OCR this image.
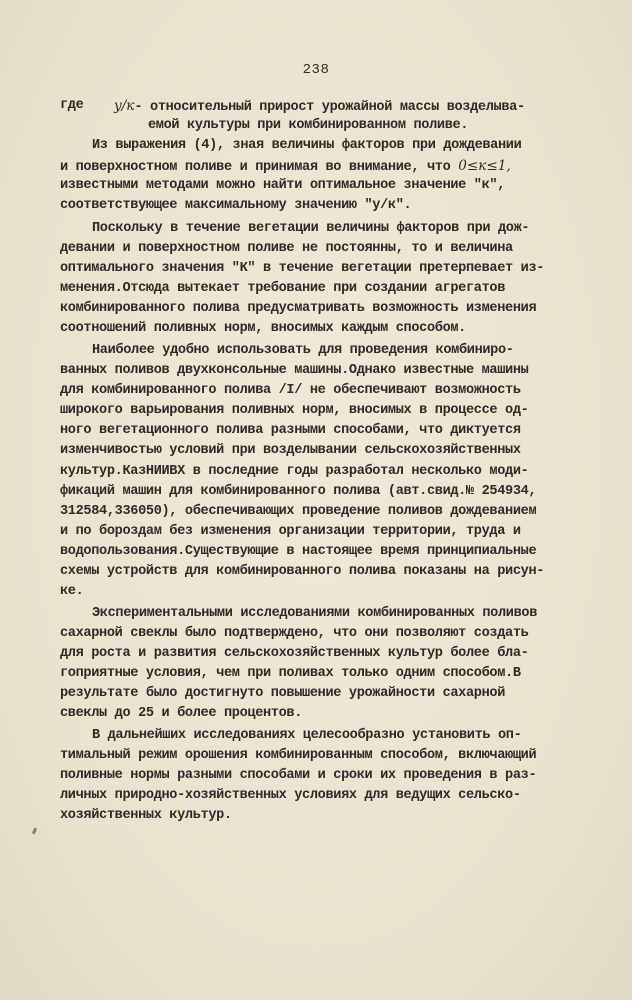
238
где y/к- относительный прирост урожайной массы возделыва-
емой культуры при комбинированном поливе.
Из выражения (4), зная величины факторов при дождевании
и поверхностном поливе и принимая во внимание, что 0≤к≤1,
известными методами можно найти оптимальное значение "к",
соответствующее максимальному значению "y/к".
Поскольку в течение вегетации величины факторов при дож-
девании и поверхностном поливе не постоянны, то и величина
оптимального значения "К" в течение вегетации претерпевает из-
менения.Отсюда вытекает требование при создании агрегатов
комбинированного полива предусматривать возможность изменения
соотношений поливных норм, вносимых каждым способом.
Наиболее удобно использовать для проведения комбиниро-
ванных поливов двухконсольные машины.Однако известные машины
для комбинированного полива /I/ не обеспечивают возможность
широкого варьирования поливных норм, вносимых в процессе од-
ного вегетационного полива разными способами, что диктуется
изменчивостью условий при возделывании сельскохозяйственных
культур.КазНИИВХ в последние годы разработал несколько моди-
фикаций машин для комбинированного полива (авт.свид.№ 254934,
312584,336050), обеспечивающих проведение поливов дождеванием
и по бороздам без изменения организации территории, труда и
водопользования.Существующие в настоящее время принципиальные
схемы устройств для комбинированного полива показаны на рисун-
ке.
Экспериментальными исследованиями комбинированных поливов
сахарной свеклы было подтверждено, что они позволяют создать
для роста и развития сельскохозяйственных культур более бла-
гоприятные условия, чем при поливах только одним способом.В
результате было достигнуто повышение урожайности сахарной
свеклы до 25 и более процентов.
В дальнейших исследованиях целесообразно установить оп-
тимальный режим орошения комбинированным способом, включающий
поливные нормы разными способами и сроки их проведения в раз-
личных природно-хозяйственных условиях для ведущих сельско-
хозяйственных культур.
